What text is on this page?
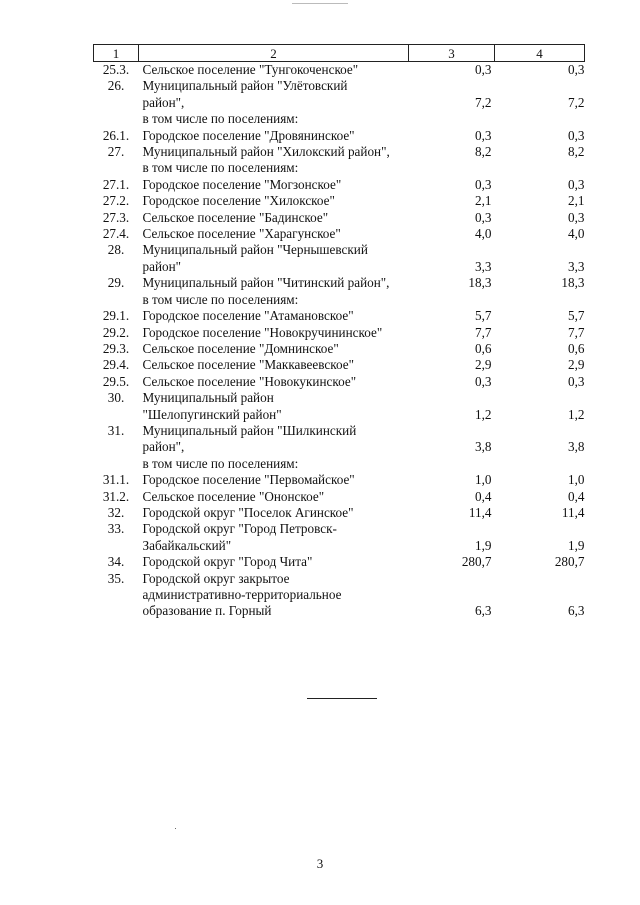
1	2	3	4
25.3.	Сельское поселение "Тунгокоченское"	0,3	0,3

26.	Муниципальный район "Улётовский
район",
в том числе по поселениям:	7,2	7,2

26.1.	Городское поселение "Дровянинское"	0,3	0,3

27.	Муниципальный район "Хилокский район",
в том числе по поселениям:	8,2	8,2

27.1.	Городское поселение "Могзонское"	0,3	0,3

27.2.	Городское поселение "Хилокское"	2,1	2,1

27.3.	Сельское поселение "Бадинское"	0,3	0,3

27.4.	Сельское поселение "Харагунское"	4,0	4,0

28.	Муниципальный район "Чернышевский
район"	3,3	3,3

29.	Муниципальный район "Читинский район",
в том числе по поселениям:	18,3	18,3

29.1.	Городское поселение "Атамановское"	5,7	5,7

29.2.	Городское поселение "Новокручининское"	7,7	7,7

29.3.	Сельское поселение "Домнинское"	0,6	0,6

29.4.	Сельское поселение "Маккавеевское"	2,9	2,9

29.5.	Сельское поселение "Новокукинское"	0,3	0,3

30.	Муниципальный район
"Шелопугинский район"	1,2	1,2

31.	Муниципальный район "Шилкинский
район",
в том числе по поселениям:	3,8	3,8

31.1.	Городское поселение "Первомайское"	1,0	1,0

31.2.	Сельское поселение "Ононское"	0,4	0,4

32.	Городской округ "Поселок Агинское"	11,4	11,4

33.	Городской округ "Город Петровск-
Забайкальский"	1,9	1,9

34.	Городской округ "Город Чита"	280,7	280,7

35.	Городской округ закрытое
административно-территориальное
образование п. Горный	6,3	6,3
3
